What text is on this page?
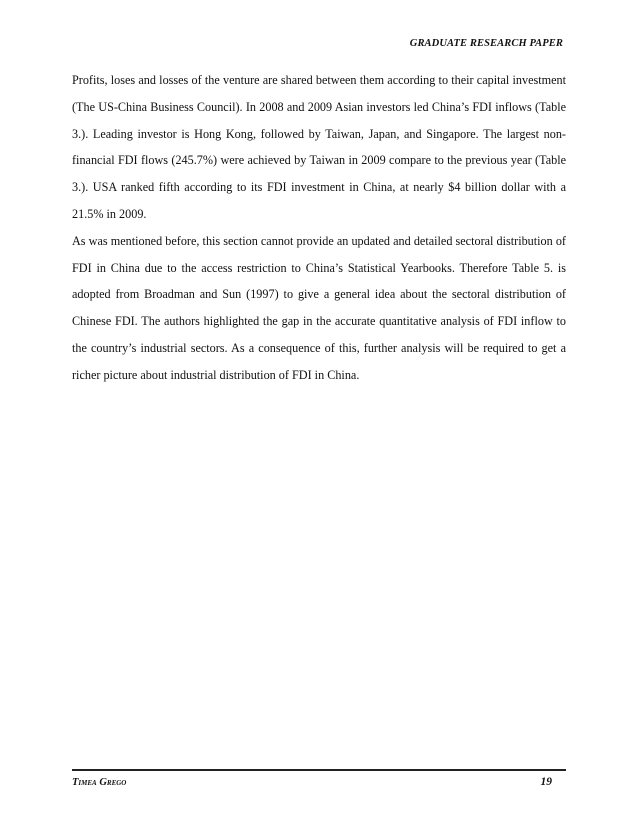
GRADUATE RESEARCH PAPER

Profits, loses and losses of the venture are shared between them according to their capital investment (The US-China Business Council). In 2008 and 2009 Asian investors led China’s FDI inflows (Table 3.). Leading investor is Hong Kong, followed by Taiwan, Japan, and Singapore. The largest non-financial FDI flows (245.7%) were achieved by Taiwan in 2009 compare to the previous year (Table 3.). USA ranked fifth according to its FDI investment in China, at nearly $4 billion dollar with a 21.5% in 2009.

As was mentioned before, this section cannot provide an updated and detailed sectoral distribution of FDI in China due to the access restriction to China’s Statistical Yearbooks. Therefore Table 5. is adopted from Broadman and Sun (1997) to give a general idea about the sectoral distribution of Chinese FDI. The authors highlighted the gap in the accurate quantitative analysis of FDI inflow to the country’s industrial sectors. As a consequence of this, further analysis will be required to get a richer picture about industrial distribution of FDI in China.

Timea Grego	19
